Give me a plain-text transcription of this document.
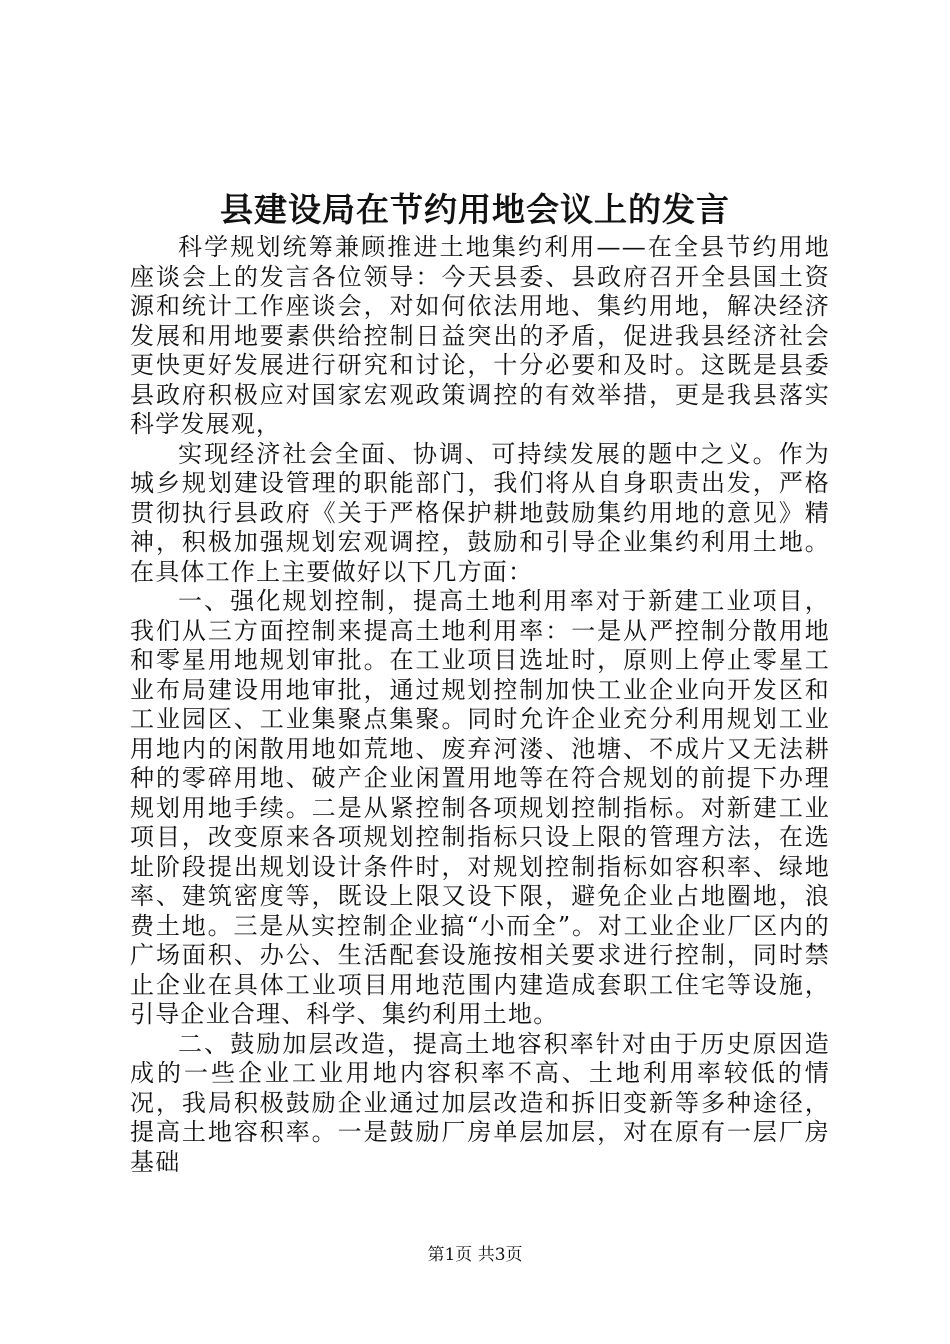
县建设局在节约用地会议上的发言

科学规划统筹兼顾推进土地集约利用——在全县节约用地座谈会上的发言各位领导：今天县委、县政府召开全县国土资源和统计工作座谈会，对如何依法用地、集约用地，解决经济发展和用地要素供给控制日益突出的矛盾，促进我县经济社会更快更好发展进行研究和讨论，十分必要和及时。这既是县委县政府积极应对国家宏观政策调控的有效举措，更是我县落实科学发展观，

实现经济社会全面、协调、可持续发展的题中之义。作为城乡规划建设管理的职能部门，我们将从自身职责出发，严格贯彻执行县政府《关于严格保护耕地鼓励集约用地的意见》精神，积极加强规划宏观调控，鼓励和引导企业集约利用土地。在具体工作上主要做好以下几方面：

一、强化规划控制，提高土地利用率对于新建工业项目，我们从三方面控制来提高土地利用率：一是从严控制分散用地和零星用地规划审批。在工业项目选址时，原则上停止零星工业布局建设用地审批，通过规划控制加快工业企业向开发区和工业园区、工业集聚点集聚。同时允许企业充分利用规划工业用地内的闲散用地如荒地、废弃河溇、池塘、不成片又无法耕种的零碎用地、破产企业闲置用地等在符合规划的前提下办理规划用地手续。二是从紧控制各项规划控制指标。对新建工业项目，改变原来各项规划控制指标只设上限的管理方法，在选址阶段提出规划设计条件时，对规划控制指标如容积率、绿地率、建筑密度等，既设上限又设下限，避免企业占地圈地，浪费土地。三是从实控制企业搞“小而全”。对工业企业厂区内的广场面积、办公、生活配套设施按相关要求进行控制，同时禁止企业在具体工业项目用地范围内建造成套职工住宅等设施，引导企业合理、科学、集约利用土地。

二、鼓励加层改造，提高土地容积率针对由于历史原因造成的一些企业工业用地内容积率不高、土地利用率较低的情况，我局积极鼓励企业通过加层改造和拆旧变新等多种途径，提高土地容积率。一是鼓励厂房单层加层，对在原有一层厂房基础

第1页 共3页
